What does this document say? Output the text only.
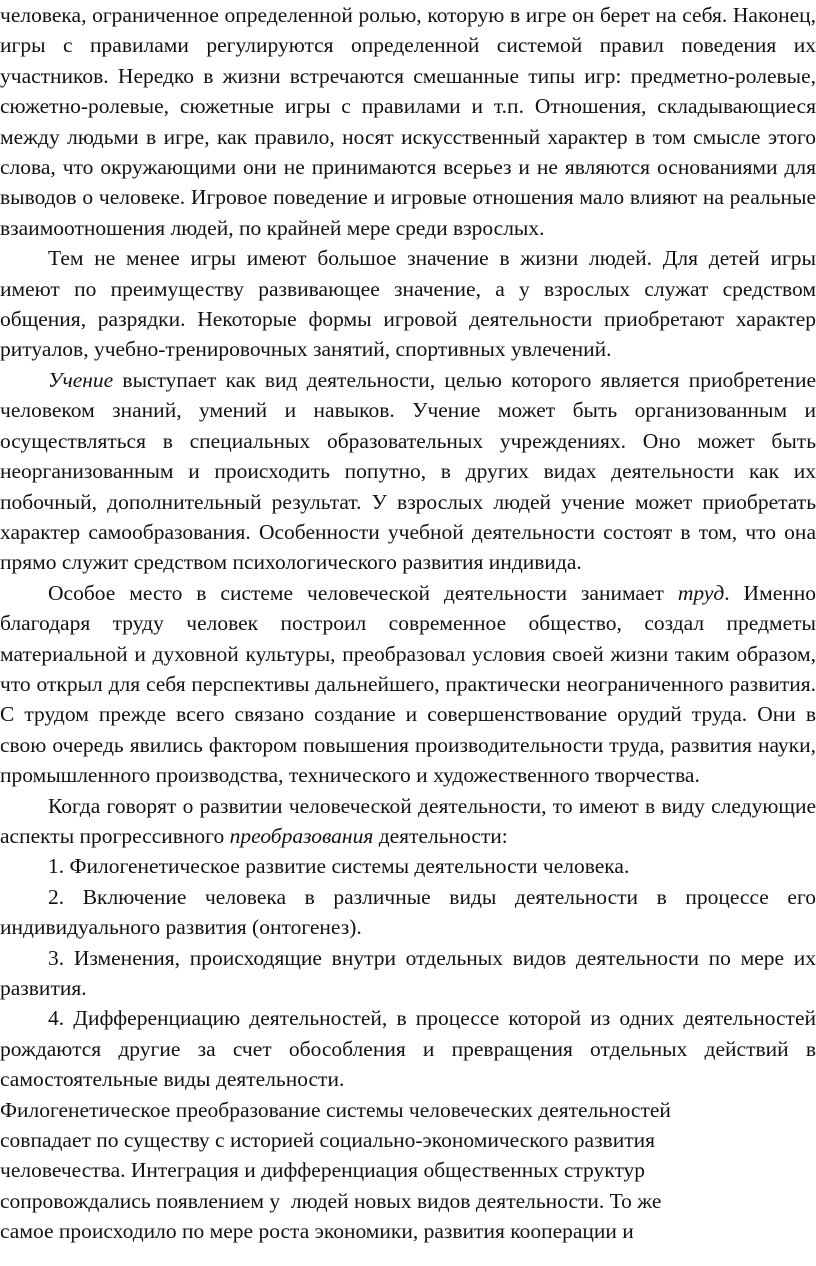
человека, ограниченное определенной ролью, которую в игре он берет на себя. Наконец, игры с правилами регулируются определенной системой правил поведения их участников. Нередко в жизни встречаются смешанные типы игр: предметно-ролевые, сюжетно-ролевые, сюжетные игры с правилами и т.п. Отношения, складывающиеся между людьми в игре, как правило, носят искусственный характер в том смысле этого слова, что окружающими они не принимаются всерьез и не являются основаниями для выводов о человеке. Игровое поведение и игровые отношения мало влияют на реальные взаимоотношения людей, по крайней мере среди взрослых.

Тем не менее игры имеют большое значение в жизни людей. Для детей игры имеют по преимуществу развивающее значение, а у взрослых служат средством общения, разрядки. Некоторые формы игровой деятельности приобретают характер ритуалов, учебно-тренировочных занятий, спортивных увлечений.

Учение выступает как вид деятельности, целью которого является приобретение человеком знаний, умений и навыков. Учение может быть организованным и осуществляться в специальных образовательных учреждениях. Оно может быть неорганизованным и происходить попутно, в других видах деятельности как их побочный, дополнительный результат. У взрослых людей учение может приобретать характер самообразования. Особенности учебной деятельности состоят в том, что она прямо служит средством психологического развития индивида.

Особое место в системе человеческой деятельности занимает труд. Именно благодаря труду человек построил современное общество, создал предметы материальной и духовной культуры, преобразовал условия своей жизни таким образом, что открыл для себя перспективы дальнейшего, практически неограниченного развития. С трудом прежде всего связано создание и совершенствование орудий труда. Они в свою очередь явились фактором повышения производительности труда, развития науки, промышленного производства, технического и художественного творчества.

Когда говорят о развитии человеческой деятельности, то имеют в виду следующие аспекты прогрессивного преобразования деятельности:

1. Филогенетическое развитие системы деятельности человека.

2. Включение человека в различные виды деятельности в процессе его индивидуального развития (онтогенез).

3. Изменения, происходящие внутри отдельных видов деятельности по мере их развития.

4. Дифференциацию деятельностей, в процессе которой из одних деятельностей рождаются другие за счет обособления и превращения отдельных действий в самостоятельные виды деятельности.

Филогенетическое преобразование системы человеческих деятельностей
совпадает по существу с историей социально-экономического развития
человечества. Интеграция и дифференциация общественных структур
сопровождались появлением у  людей новых видов деятельности. То же
самое происходило по мере роста экономики, развития кооперации и
